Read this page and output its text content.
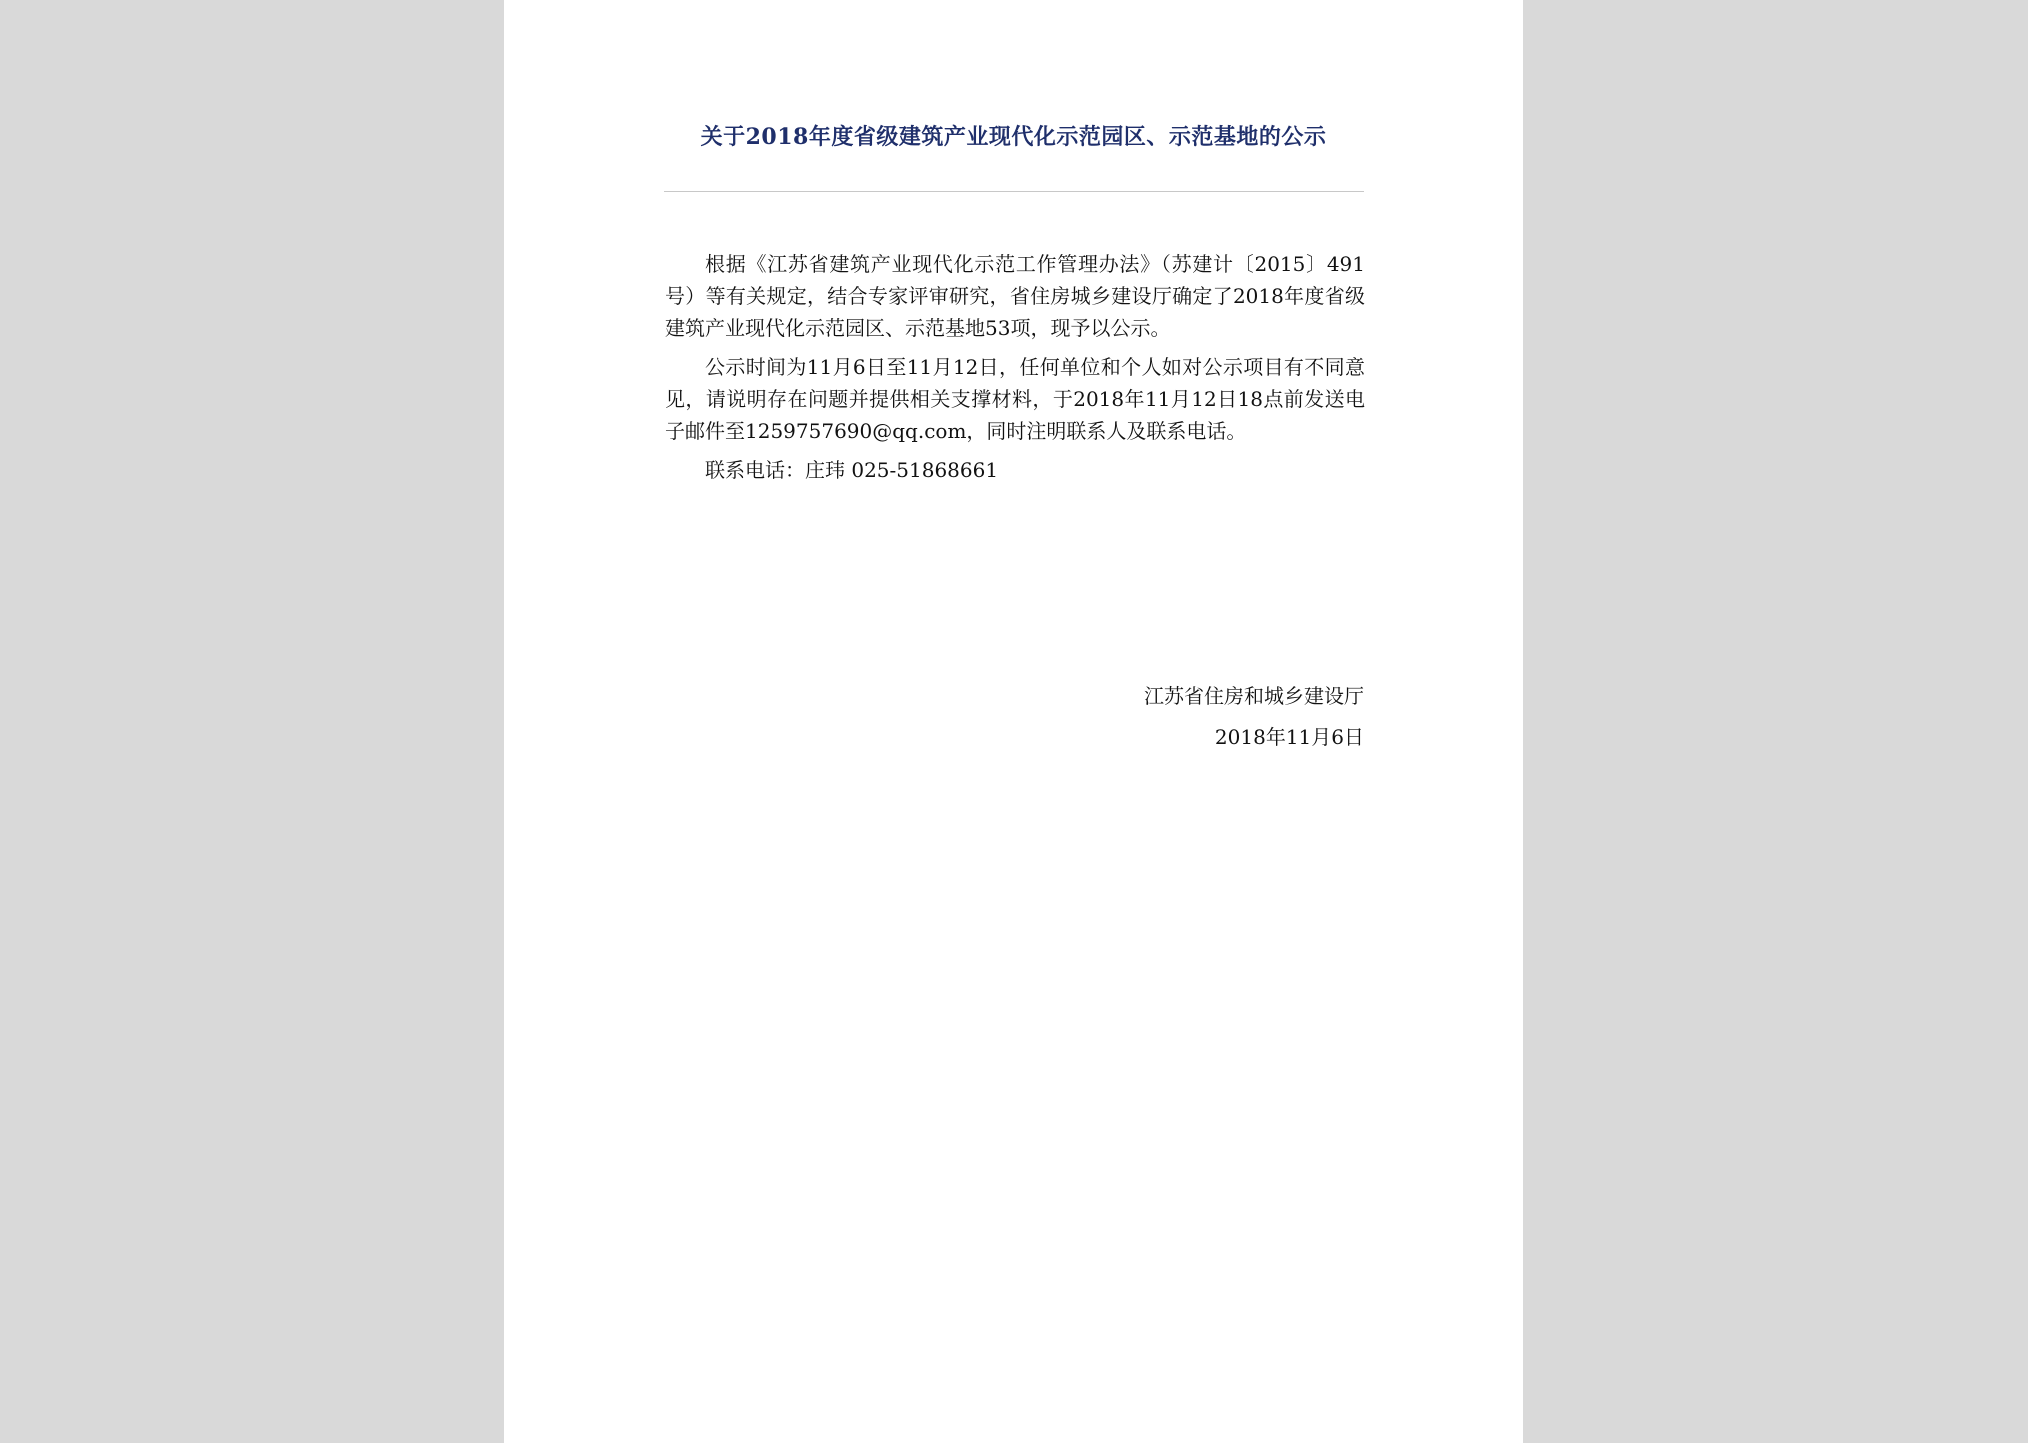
关于2018年度省级建筑产业现代化示范园区、示范基地的公示

根据《江苏省建筑产业现代化示范工作管理办法》（苏建计〔2015〕491号）等有关规定，结合专家评审研究，省住房城乡建设厅确定了2018年度省级建筑产业现代化示范园区、示范基地53项，现予以公示。

公示时间为11月6日至11月12日，任何单位和个人如对公示项目有不同意见，请说明存在问题并提供相关支撑材料，于2018年11月12日18点前发送电子邮件至1259757690@qq.com，同时注明联系人及联系电话。

联系电话：庄玮 025-51868661

江苏省住房和城乡建设厅
2018年11月6日
